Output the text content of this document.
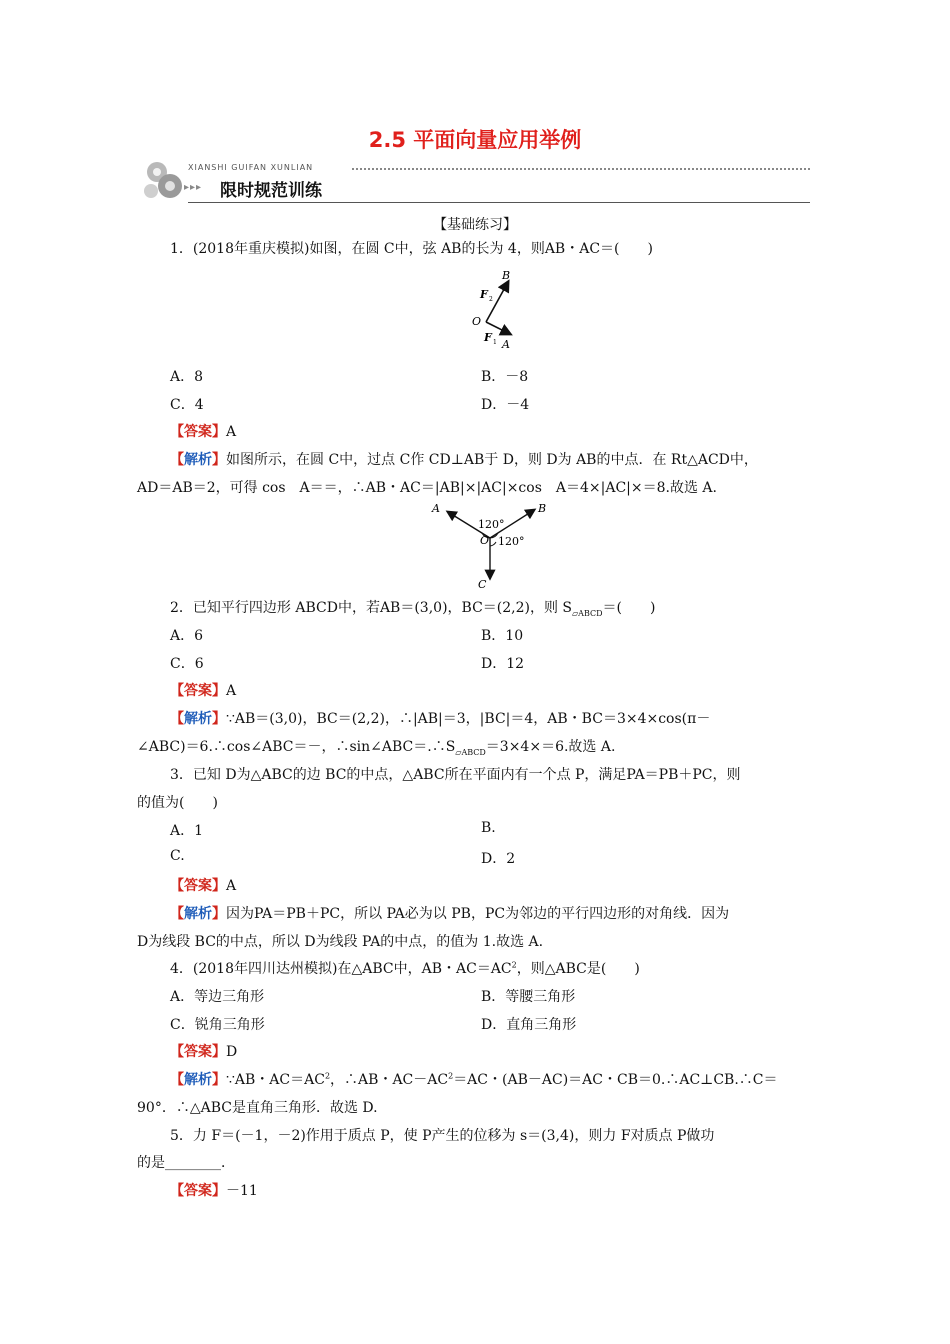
2.5 平面向量应用举例
XIANSHI GUIFAN XUNLIAN
▸▸▸ 限时规范训练
【基础练习】
1．(2018年重庆模拟)如图，在圆 C中，弦 AB的长为 4，则AB・AC＝(　　)
B
F 2
O
F 1 A
A．8	B．－8
C．4	D．－4
【答案】A
【解析】如图所示，在圆 C中，过点 C作 CD⊥AB于 D，则 D为 AB的中点．在 Rt△ACD中，
AD＝AB＝2，可得 cos　A＝＝，∴AB・AC＝|AB|×|AC|×cos　A＝4×|AC|×＝8.故选 A.
A	B
120°
O 120°
C
2．已知平行四边形 ABCD中，若AB＝(3,0)，BC＝(2,2)，则 $S_{▱ABCD}=$(　　)
A．6	B．10
C．6	D．12
【答案】A
【解析】∵AB＝(3,0)，BC＝(2,2)，∴|AB|＝3，|BC|＝4，AB・BC＝3×4×cos(π－
∠ABC)＝6.∴cos∠ABC＝－，$\therefore\sin\angle ABC=.\therefore S_{▱ABCD}=3\times 4\times=6$.故选 A.
3．已知 D为△ABC的边 BC的中点，△ABC所在平面内有一个点 P，满足PA＝PB＋PC，则
的值为(　　)
A．1	B.
C.	D．2
【答案】A
【解析】因为PA＝PB＋PC，所以 PA必为以 PB，PC为邻边的平行四边形的对角线．因为
D为线段 BC的中点，所以 D为线段 PA的中点，的值为 1.故选 A.
4．(2018年四川达州模拟)在△ABC中，AB・$AC=AC^2$，则△ABC是(　　)
A．等边三角形	B．等腰三角形
C．锐角三角形	D．直角三角形
【答案】D
【解析】∵AB・$AC=AC^2$，∴AB・$AC-AC^2=AC$・(AB－AC)＝AC・CB＝0.∴AC⊥CB.∴C＝
90°．∴△ABC是直角三角形．故选 D.
5．力 F＝(－1，－2)作用于质点 P，使 P产生的位移为 s＝(3,4)，则力 F对质点 P做功
的是________．
【答案】－11
